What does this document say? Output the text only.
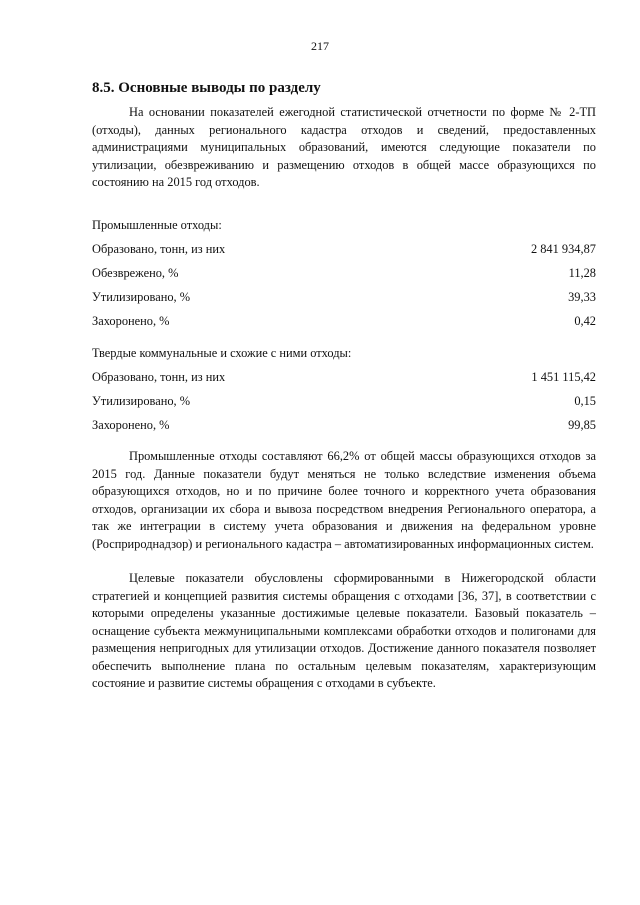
217
8.5. Основные выводы по разделу

На основании показателей ежегодной статистической отчетности по форме № 2-ТП (отходы), данных регионального кадастра отходов и сведений, предоставленных администрациями муниципальных образований, имеются следующие показатели по утилизации, обезвреживанию и размещению отходов в общей массе образующихся по состоянию на 2015 год отходов.

Промышленные отходы:
Образовано, тонн, из них	2 841 934,87
Обезврежено, %	11,28
Утилизировано, %	39,33
Захоронено, %	0,42
Твердые коммунальные и схожие с ними отходы:
Образовано, тонн, из них	1 451 115,42
Утилизировано, %	0,15
Захоронено, %	99,85

Промышленные отходы составляют 66,2% от общей массы образующихся отходов за 2015 год. Данные показатели будут меняться не только вследствие изменения объема образующихся отходов, но и по причине более точного и корректного учета образования отходов, организации их сбора и вывоза посредством внедрения Регионального оператора, а так же интеграции в систему учета образования и движения на федеральном уровне (Росприроднадзор) и регионального кадастра – автоматизированных информационных систем.

Целевые показатели обусловлены сформированными в Нижегородской области стратегией и концепцией развития системы обращения с отходами [36, 37], в соответствии с которыми определены указанные достижимые целевые показатели. Базовый показатель – оснащение субъекта межмуниципальными комплексами обработки отходов и полигонами для размещения непригодных для утилизации отходов. Достижение данного показателя позволяет обеспечить выполнение плана по остальным целевым показателям, характеризующим состояние и развитие системы обращения с отходами в субъекте.
